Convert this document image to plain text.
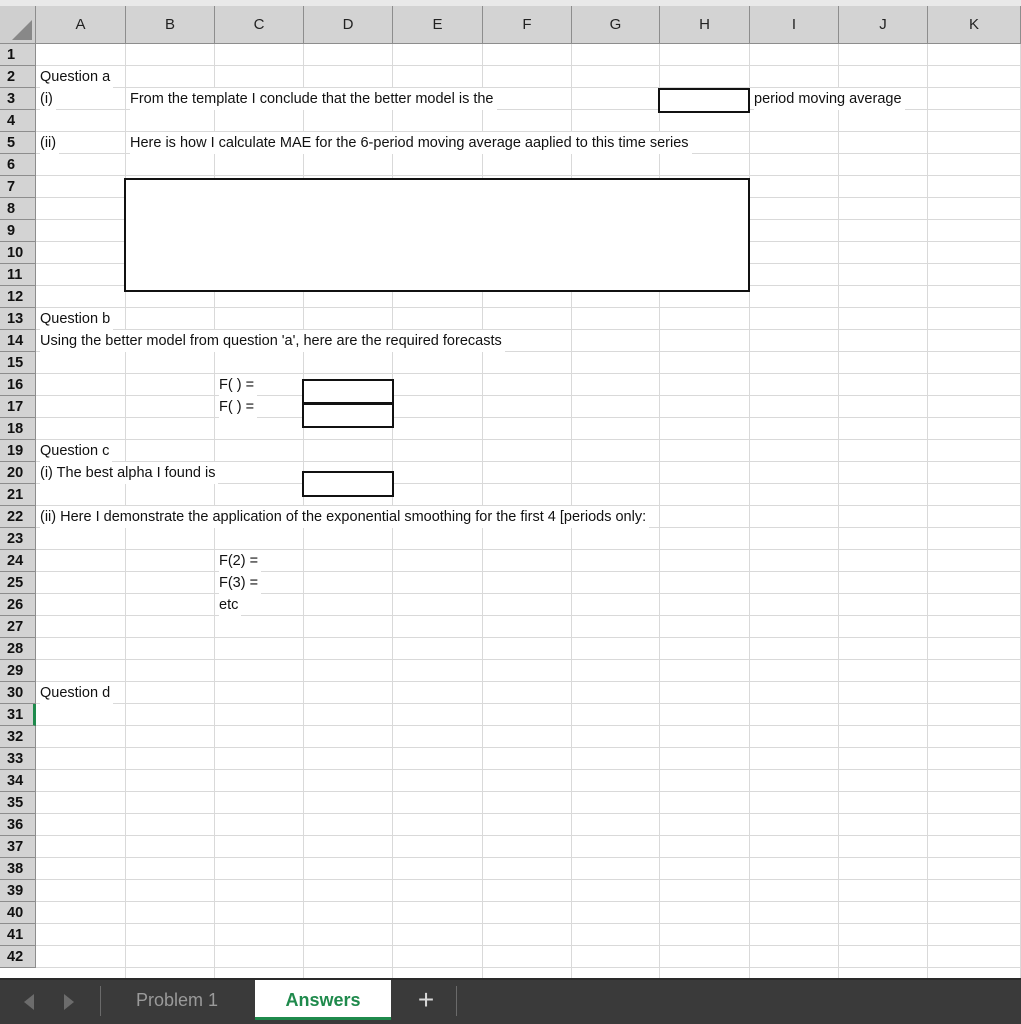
A	B	C	D	E	F	G	H	I	J	K
1
2
3
4
5
6
7
8
9
10
11
12
13
14
15
16
17
18
19
20
21
22
23
24
25
26
27
28
29
30
31
32
33
34
35
36
37
38
39
40
41
42
Question a
(i)	From the template I conclude that the better model is the	period moving average
(ii)	Here is how I calculate MAE for the 6-period moving average aaplied to this time series
Question b
Using the better model from question 'a', here are the required forecasts
F( ) =
F( ) =
Question c
(i) The best alpha I found is
(ii) Here I demonstrate the application of the exponential smoothing for the first 4 [periods only:
F(2) =
F(3) =
etc
Question d
Problem 1	Answers	+
